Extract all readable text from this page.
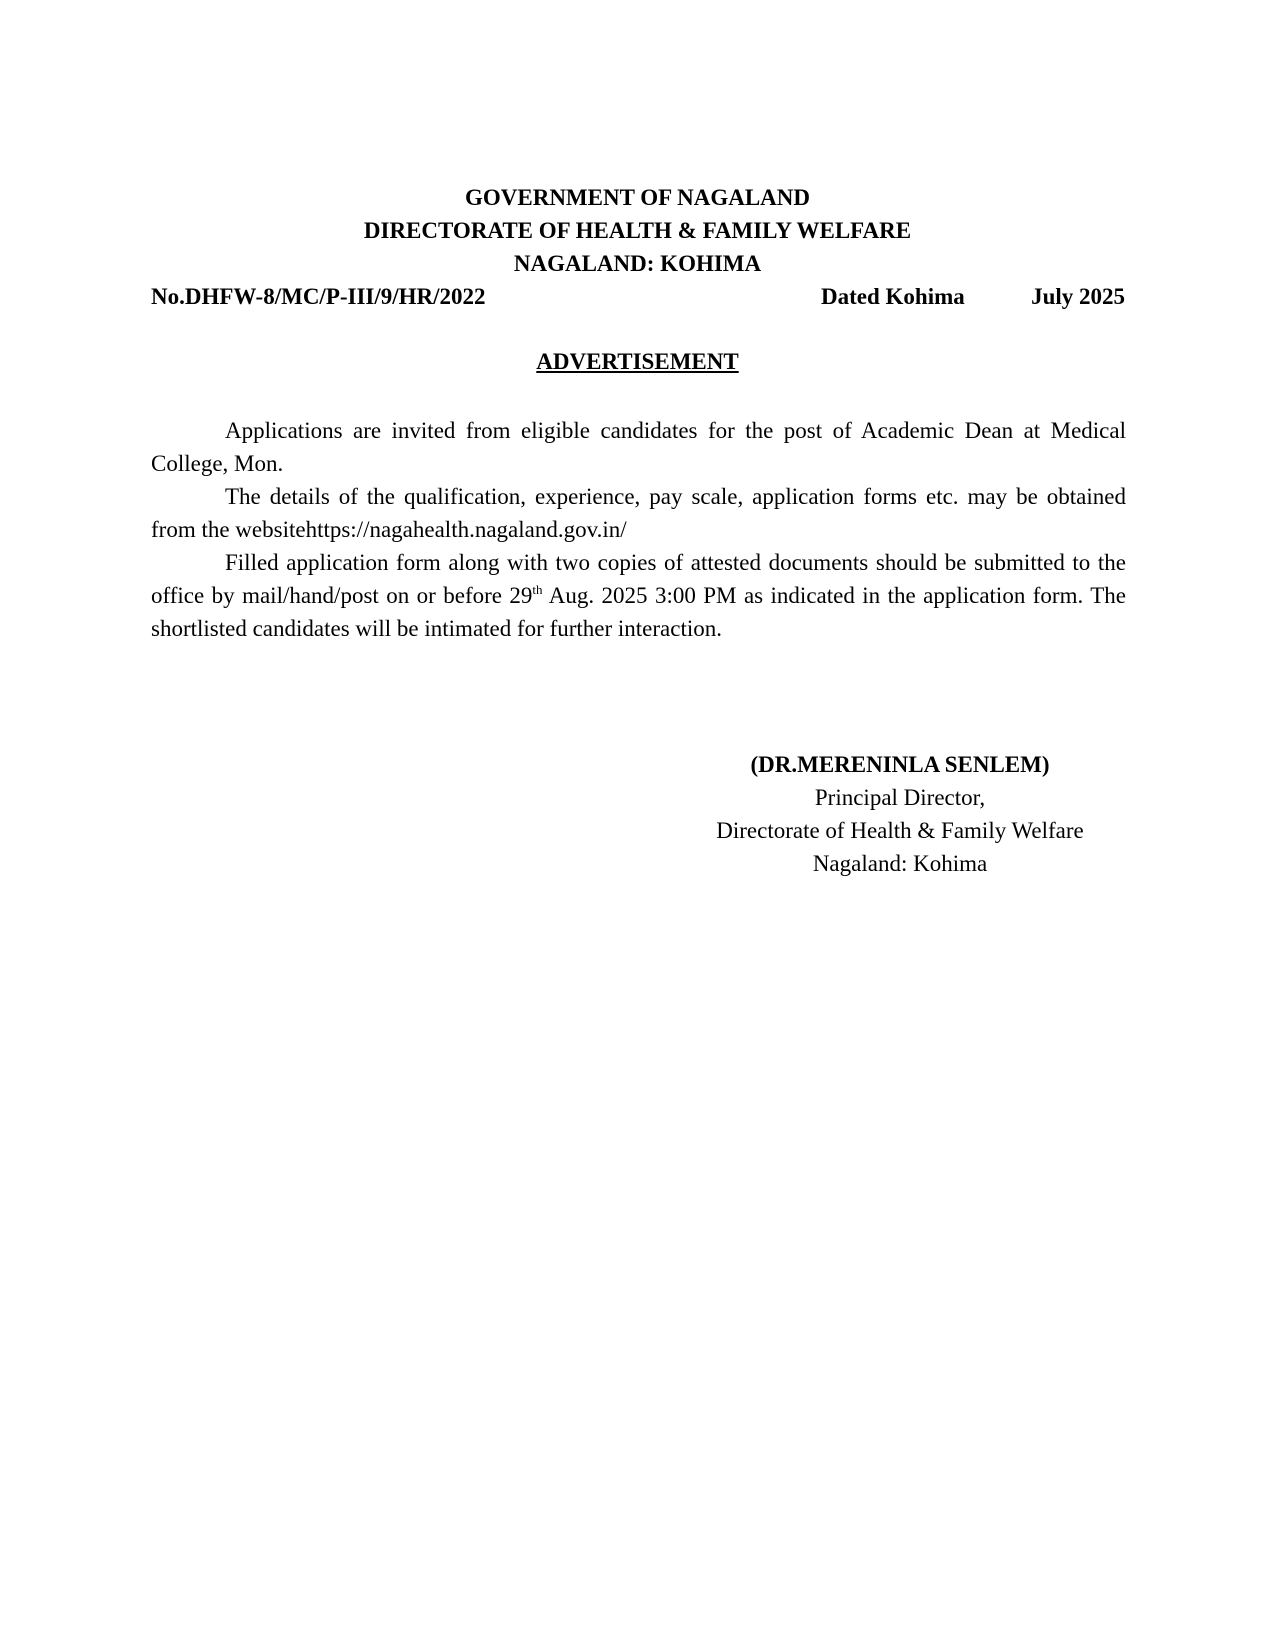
GOVERNMENT OF NAGALAND
DIRECTORATE OF HEALTH & FAMILY WELFARE
NAGALAND: KOHIMA
No.DHFW-8/MC/P-III/9/HR/2022	Dated Kohima	July 2025
ADVERTISEMENT

Applications are invited from eligible candidates for the post of Academic Dean at Medical College, Mon.

The details of the qualification, experience, pay scale, application forms etc. may be obtained from the websitehttps://nagahealth.nagaland.gov.in/

Filled application form along with two copies of attested documents should be submitted to the office by mail/hand/post on or before 29th Aug. 2025 3:00 PM as indicated in the application form. The shortlisted candidates will be intimated for further interaction.

(DR.MERENINLA SENLEM)
Principal Director,
Directorate of Health & Family Welfare
Nagaland: Kohima
